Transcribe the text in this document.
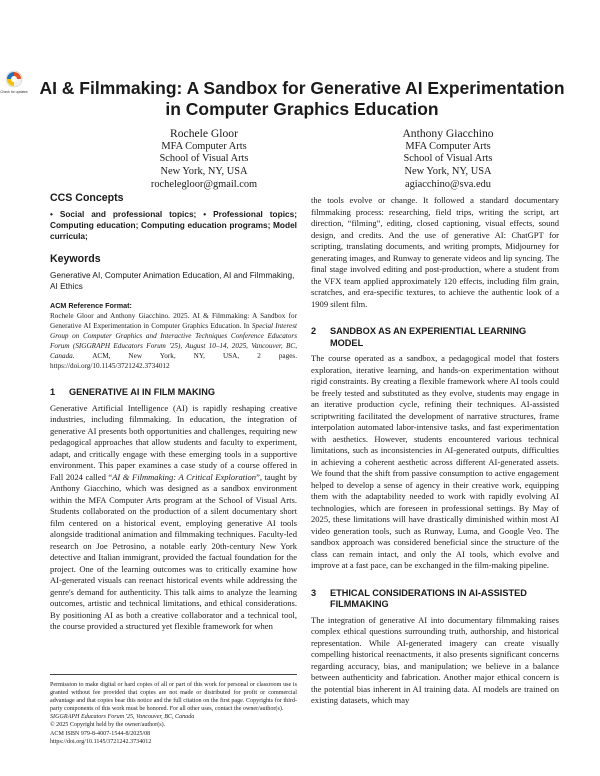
Check for updates AI & Filmmaking: A Sandbox for Generative AI Experimentation in Computer Graphics Education
Rochele Gloor
MFA Computer Arts
School of Visual Arts
New York, NY, USA
rochelegloor@gmail.com
Anthony Giacchino
MFA Computer Arts
School of Visual Arts
New York, NY, USA
agiacchino@sva.edu
CCS Concepts

• Social and professional topics; • Professional topics; Computing education; Computing education programs; Model curricula;

Keywords

Generative AI, Computer Animation Education, AI and Filmmaking, AI Ethics

ACM Reference Format:
Rochele Gloor and Anthony Giacchino. 2025. AI & Filmmaking: A Sandbox for Generative AI Experimentation in Computer Graphics Education. In Special Interest Group on Computer Graphics and Interactive Techniques Conference Educators Forum (SIGGRAPH Educators Forum '25), August 10–14, 2025, Vancouver, BC, Canada. ACM, New York, NY, USA, 2 pages. https://doi.org/10.1145/3721242.3734012
1 GENERATIVE AI IN FILM MAKING

Generative Artificial Intelligence (AI) is rapidly reshaping creative industries, including filmmaking. In education, the integration of generative AI presents both opportunities and challenges, requiring new pedagogical approaches that allow students and faculty to experiment, adapt, and critically engage with these emerging tools in a supportive environment. This paper examines a case study of a course offered in Fall 2024 called “AI & Filmmaking: A Critical Exploration”, taught by Anthony Giacchino, which was designed as a sandbox environment within the MFA Computer Arts program at the School of Visual Arts. Students collaborated on the production of a silent documentary short film centered on a historical event, employing generative AI tools alongside traditional animation and filmmaking techniques. Faculty-led research on Joe Petrosino, a notable early 20th-century New York detective and Italian immigrant, provided the factual foundation for the project. One of the learning outcomes was to critically examine how AI-generated visuals can reenact historical events while addressing the genre's demand for authenticity. This talk aims to analyze the learning outcomes, artistic and technical limitations, and ethical considerations. By positioning AI as both a creative collaborator and a technical tool, the course provided a structured yet flexible framework for when

Permission to make digital or hard copies of all or part of this work for personal or classroom use is granted without fee provided that copies are not made or distributed for profit or commercial advantage and that copies bear this notice and the full citation on the first page. Copyrights for third-party components of this work must be honored. For all other uses, contact the owner/author(s).

SIGGRAPH Educators Forum '25, Vancouver, BC, Canada

© 2025 Copyright held by the owner/author(s).

ACM ISBN 979-8-4007-1544-8/2025/08

https://doi.org/10.1145/3721242.3734012

the tools evolve or change. It followed a standard documentary filmmaking process: researching, field trips, writing the script, art direction, “filming”, editing, closed captioning, visual effects, sound design, and credits. And the use of generative AI: ChatGPT for scripting, translating documents, and writing prompts, Midjourney for generating images, and Runway to generate videos and lip syncing. The final stage involved editing and post-production, where a student from the VFX team applied approximately 120 effects, including film grain, scratches, and era-specific textures, to achieve the authentic look of a 1909 silent film.

2 SANDBOX AS AN EXPERIENTIAL LEARNING MODEL

The course operated as a sandbox, a pedagogical model that fosters exploration, iterative learning, and hands-on experimentation without rigid constraints. By creating a flexible framework where AI tools could be freely tested and substituted as they evolve, students may engage in an iterative production cycle, refining their techniques. AI-assisted scriptwriting facilitated the development of narrative structures, frame interpolation automated labor-intensive tasks, and fast experimentation with aesthetics. However, students encountered various technical limitations, such as inconsistencies in AI-generated outputs, difficulties in achieving a coherent aesthetic across different AI-generated assets. We found that the shift from passive consumption to active engagement helped to develop a sense of agency in their creative work, equipping them with the adaptability needed to work with rapidly evolving AI technologies, which are foreseen in professional settings. By May of 2025, these limitations will have drastically diminished within most AI video generation tools, such as Runway, Luma, and Google Veo. The sandbox approach was considered beneficial since the structure of the class can remain intact, and only the AI tools, which evolve and improve at a fast pace, can be exchanged in the film-making pipeline.

3 ETHICAL CONSIDERATIONS IN AI-ASSISTED FILMMAKING

The integration of generative AI into documentary filmmaking raises complex ethical questions surrounding truth, authorship, and historical representation. While AI-generated imagery can create visually compelling historical reenactments, it also presents significant concerns regarding accuracy, bias, and manipulation; we believe in a balance between authenticity and fabrication. Another major ethical concern is the potential bias inherent in AI training data. AI models are trained on existing datasets, which may
